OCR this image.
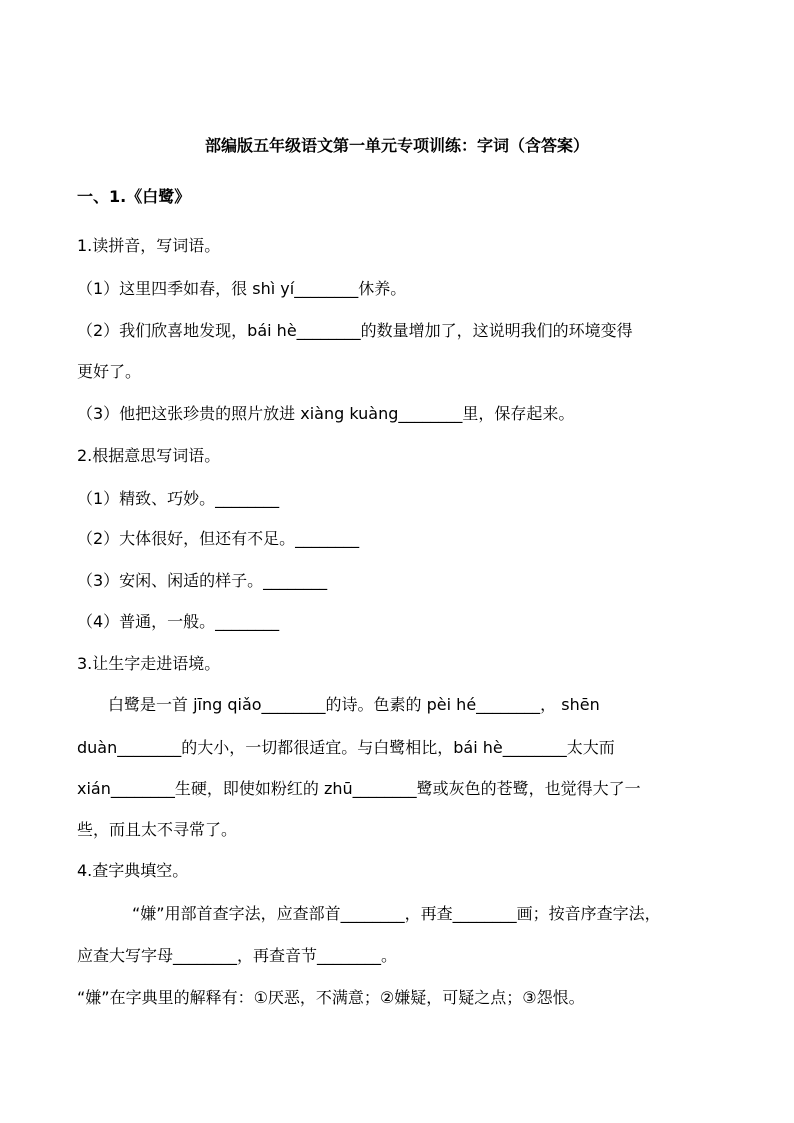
部编版五年级语文第一单元专项训练：字词（含答案）
一、1.《白鹭》
1.读拼音，写词语。
（1）这里四季如春，很 shì yí________休养。
（2）我们欣喜地发现，bái hè________的数量增加了，这说明我们的环境变得
更好了。
（3）他把这张珍贵的照片放进 xiàng kuàng________里，保存起来。
2.根据意思写词语。
（1）精致、巧妙。________
（2）大体很好，但还有不足。________
（3）安闲、闲适的样子。________
（4）普通，一般。________
3.让生字走进语境。
白鹭是一首 jīng qiǎo________的诗。色素的 pèi hé________， shēn
duàn________的大小，一切都很适宜。与白鹭相比，bái hè________太大而
xián________生硬，即使如粉红的 zhū________鹭或灰色的苍鹭，也觉得大了一
些，而且太不寻常了。
4.查字典填空。
“嫌”用部首查字法，应查部首________，再查________画；按音序查字法，
应查大写字母________，再查音节________。
“嫌”在字典里的解释有：①厌恶，不满意；②嫌疑，可疑之点；③怨恨。
